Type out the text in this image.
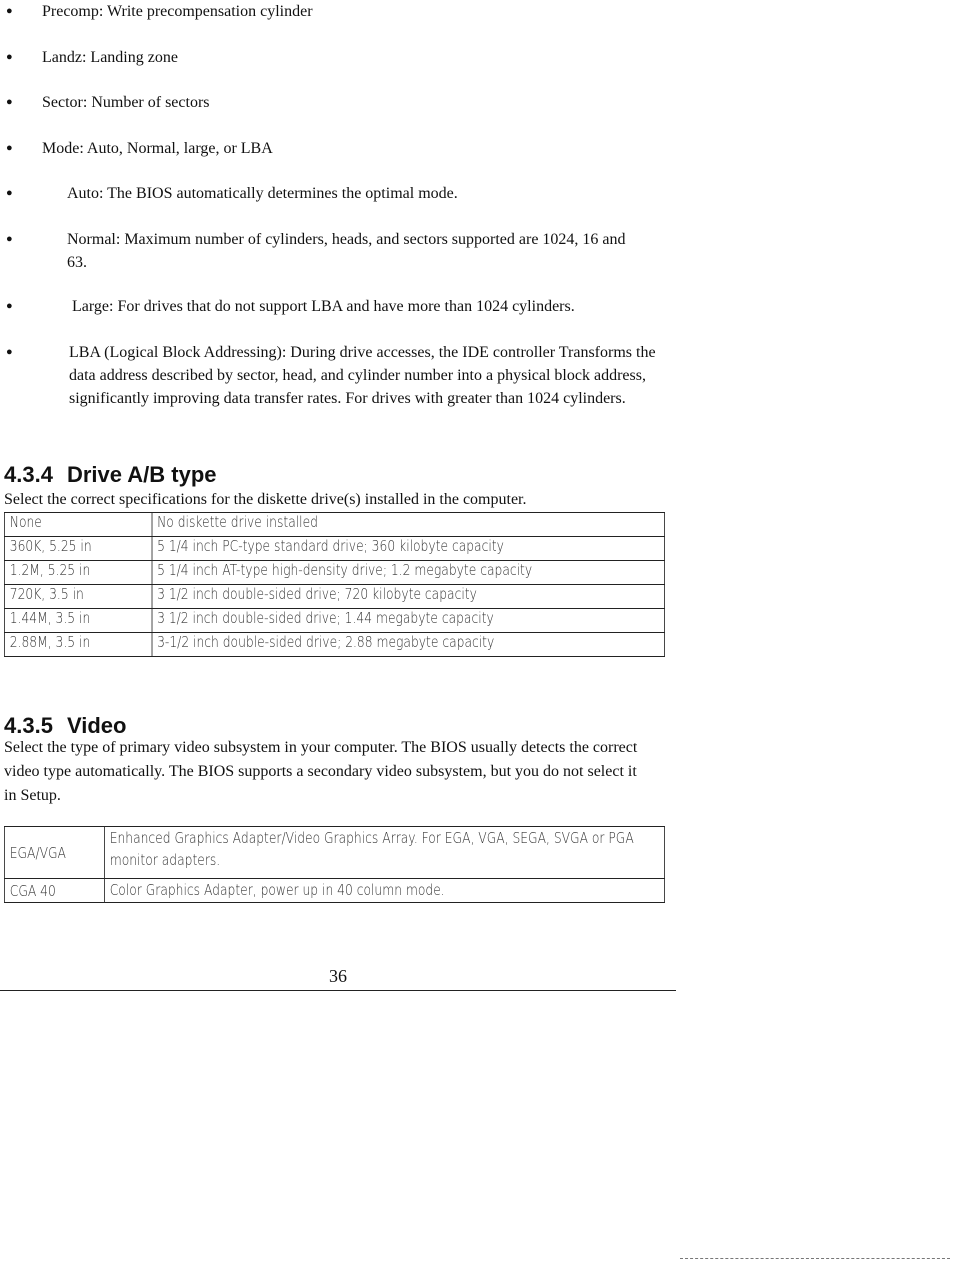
● Precomp: Write precompensation cylinder
● Landz: Landing zone
● Sector: Number of sectors
● Mode: Auto, Normal, large, or LBA
●	Auto: The BIOS automatically determines the optimal mode.
●	Normal: Maximum number of cylinders, heads, and sectors supported are 1024, 16 and 63.
●	Large: For drives that do not support LBA and have more than 1024 cylinders.
●	LBA (Logical Block Addressing): During drive accesses, the IDE controller Transforms the data address described by sector, head, and cylinder number into a physical block address, significantly improving data transfer rates. For drives with greater than 1024 cylinders.
4.3.4 Drive A/B type

Select the correct specifications for the diskette drive(s) installed in the computer.

None	No diskette drive installed
360K, 5.25 in	5 1/4 inch PC-type standard drive; 360 kilobyte capacity
1.2M, 5.25 in	5 1/4 inch AT-type high-density drive; 1.2 megabyte capacity
720K, 3.5 in	3 1/2 inch double-sided drive; 720 kilobyte capacity
1.44M, 3.5 in	3 1/2 inch double-sided drive; 1.44 megabyte capacity
2.88M, 3.5 in	3-1/2 inch double-sided drive; 2.88 megabyte capacity
4.3.5 Video

Select the type of primary video subsystem in your computer. The BIOS usually detects the correct video type automatically. The BIOS supports a secondary video subsystem, but you do not select it in Setup.

EGA/VGA	Enhanced Graphics Adapter/Video Graphics Array. For EGA, VGA, SEGA, SVGA or PGA monitor adapters.
CGA 40	Color Graphics Adapter, power up in 40 column mode.
36
